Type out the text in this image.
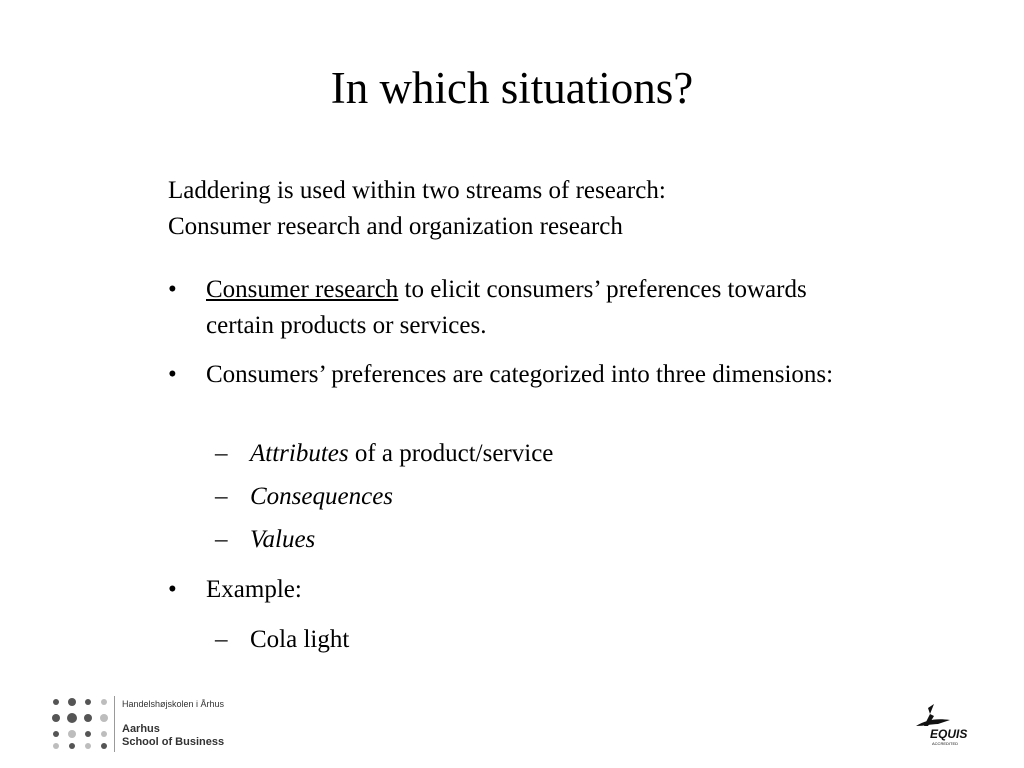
In which situations?
Laddering is used within two streams of research:
Consumer research and organization research
• Consumer research to elicit consumers’ preferences towards certain products or services.
• Consumers’ preferences are categorized into three dimensions:
– Attributes of a product/service
– Consequences
– Values
• Example:
– Cola light
Handelshøjskolen i Århus
Aarhus
School of Business
EQUIS
ACCREDITED
